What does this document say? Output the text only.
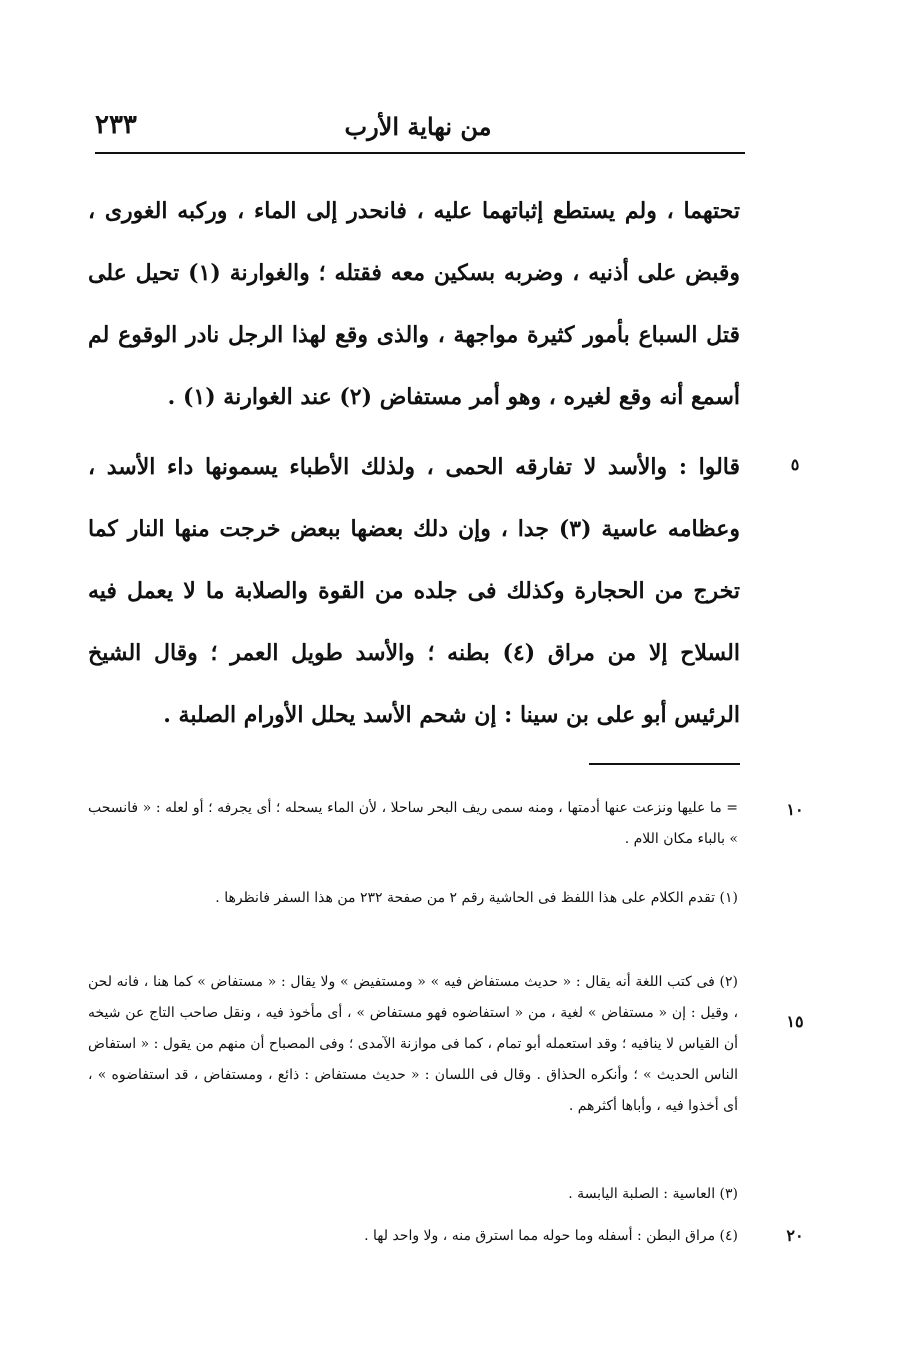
٢٣٣	من نهاية الأرب

تحتهما ، ولم يستطع إثباتهما عليه ، فانحدر إلى الماء ، وركبه الغورى ، وقبض على أذنيه ، وضربه بسكين معه فقتله ؛ والغوارنة (١) تحيل على قتل السباع بأمور كثيرة مواجهة ، والذى وقع لهذا الرجل نادر الوقوع لم أسمع أنه وقع لغيره ، وهو أمر مستفاض (٢) عند الغوارنة (١) .

٥

قالوا : والأسد لا تفارقه الحمى ، ولذلك الأطباء يسمونها داء الأسد ، وعظامه عاسية (٣) جدا ، وإن دلك بعضها ببعض خرجت منها النار كما تخرج من الحجارة وكذلك فى جلده من القوة والصلابة ما لا يعمل فيه السلاح إلا من مراق (٤) بطنه ؛ والأسد طويل العمر ؛ وقال الشيخ الرئيس أبو على بن سينا : إن شحم الأسد يحلل الأورام الصلبة .

١٠

= ما عليها ونزعت عنها أدمتها ، ومنه سمى ريف البحر ساحلا ، لأن الماء يسحله ؛ أى يجرفه ؛ أو لعله : « فانسحب » بالباء مكان اللام .

(١) تقدم الكلام على هذا اللفظ فى الحاشية رقم ٢ من صفحة ٢٣٢ من هذا السفر فانظرها .

١٥

(٢) فى كتب اللغة أنه يقال : « حديث مستفاض فيه » « ومستفيض » ولا يقال : « مستفاض » كما هنا ، فانه لحن ، وقيل : إن « مستفاض » لغية ، من « استفاضوه فهو مستفاض » ، أى مأخوذ فيه ، ونقل صاحب التاج عن شيخه أن القياس لا ينافيه ؛ وقد استعمله أبو تمام ، كما فى موازنة الآمدى ؛ وفى المصباح أن منهم من يقول : « استفاض الناس الحديث » ؛ وأنكره الحذاق . وقال فى اللسان : « حديث مستفاض : ذائع ، ومستفاض ، قد استفاضوه » ، أى أخذوا فيه ، وأباها أكثرهم .

(٣) العاسية : الصلبة اليابسة .

٢٠

(٤) مراق البطن : أسفله وما حوله مما استرق منه ، ولا واحد لها .
